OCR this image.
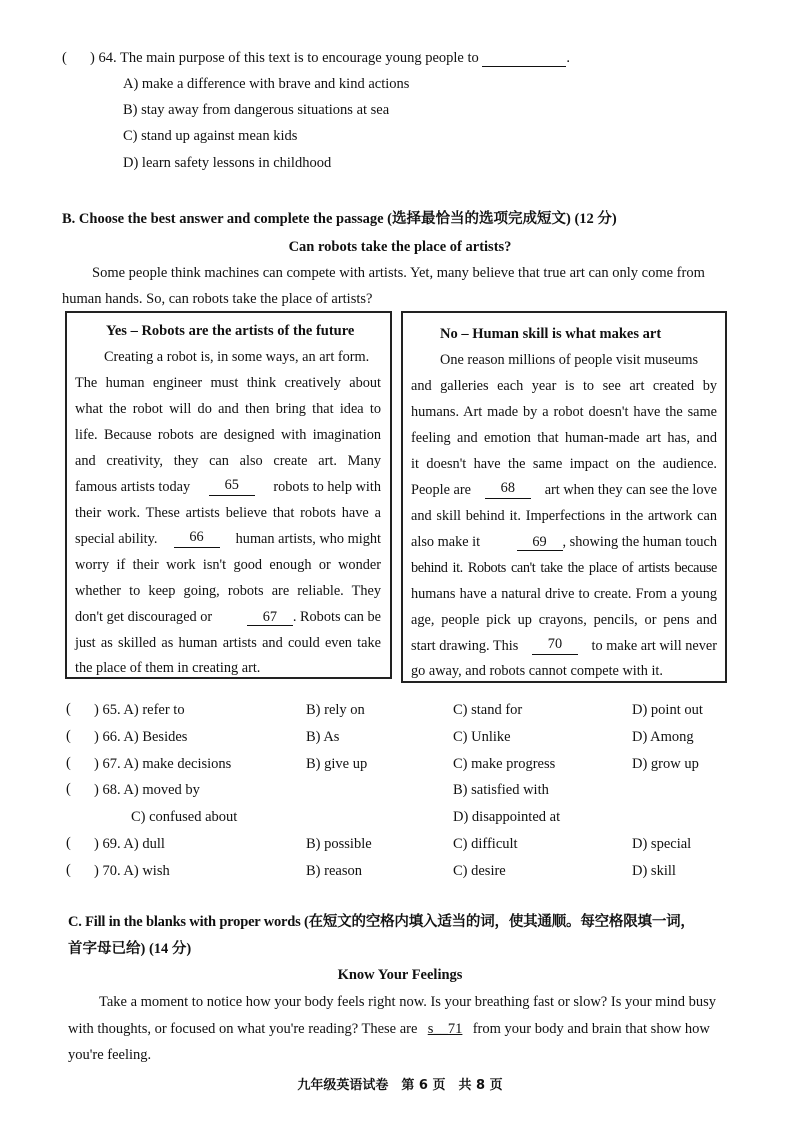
( ) 64. The main purpose of this text is to encourage young people to	.
A) make a difference with brave and kind actions
B) stay away from dangerous situations at sea
C) stand up against mean kids
D) learn safety lessons in childhood
B. Choose the best answer and complete the passage (选择最恰当的选项完成短文) (12 分)
Can robots take the place of artists?
Some people think machines can compete with artists. Yet, many believe that true art can only come from
human hands. So, can robots take the place of artists?
Yes – Robots are the artists of the future
Creating a robot is, in some ways, an art form.
The human engineer must think creatively about
what the robot will do and then bring that idea to
life. Because robots are designed with imagination
and creativity, they can also create art. Many
famous artists today	65	robots to help with
their work. These artists believe that robots have a
special ability.	66	human artists, who might
worry if their work isn't good enough or wonder
whether to keep going, robots are reliable. They
don't get discouraged or	67 . Robots can be
just as skilled as human artists and could even take
the place of them in creating art.
No – Human skill is what makes art
One reason millions of people visit museums
and galleries each year is to see art created by
humans. Art made by a robot doesn't have the same
feeling and emotion that human-made art has, and
it doesn't have the same impact on the audience.
People are	68	art when they can see the love
and skill behind it. Imperfections in the artwork can
also make it	69 , showing the human touch
behind it. Robots can't take the place of artists because
humans have a natural drive to create. From a young
age, people pick up crayons, pencils, or pens and
start drawing. This	70	to make art will never
go away, and robots cannot compete with it.
( ) 65. A) refer to	B) rely on	C) stand for	D) point out
( ) 66. A) Besides	B) As	C) Unlike	D) Among
( ) 67. A) make decisions	B) give up	C) make progress	D) grow up
( ) 68. A) moved by	B) satisfied with
C) confused about	D) disappointed at
( ) 69. A) dull	B) possible	C) difficult	D) special
( ) 70. A) wish	B) reason	C) desire	D) skill
C. Fill in the blanks with proper words (在短文的空格内填入适当的词，使其通顺。每空格限填一词，
首字母已给) (14 分)
Know Your Feelings
Take a moment to notice how your body feels right now. Is your breathing fast or slow? Is your mind busy
with thoughts, or focused on what you're reading? These are s__71 from your body and brain that show how
you're feeling.
九年级英语试卷　第 6 页　共 8 页
